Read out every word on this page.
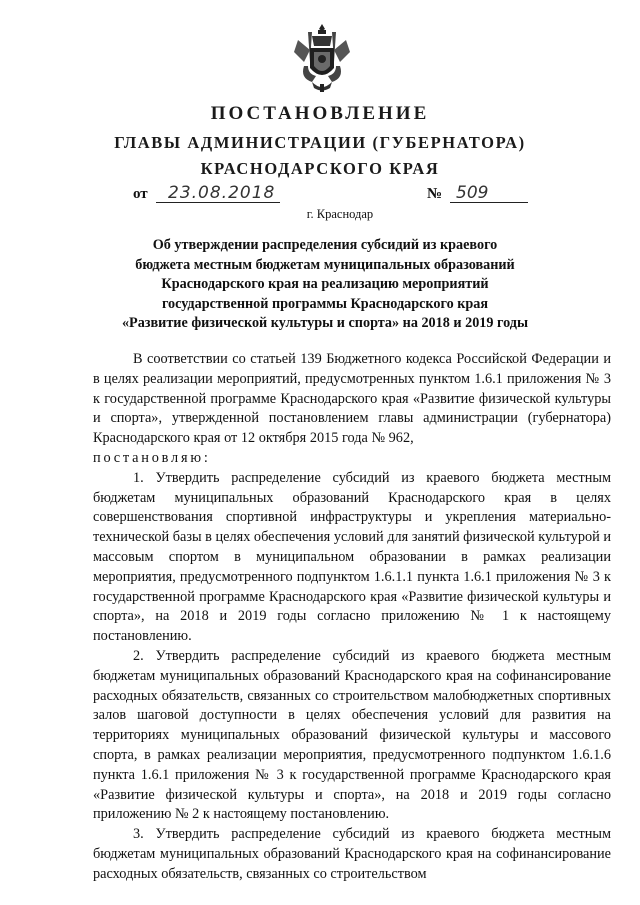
ПОСТАНОВЛЕНИЕ
ГЛАВЫ АДМИНИСТРАЦИИ (ГУБЕРНАТОРА)
КРАСНОДАРСКОГО КРАЯ
от	23.08.2018	№ 509
г. Краснодар
Об утверждении распределения субсидий из краевого
бюджета местным бюджетам муниципальных образований
Краснодарского края на реализацию мероприятий
государственной программы Краснодарского края
«Развитие физической культуры и спорта» на 2018 и 2019 годы

В соответствии со статьей 139 Бюджетного кодекса Российской Федерации и в целях реализации мероприятий, предусмотренных пунктом 1.6.1 приложения № 3 к государственной программе Краснодарского края «Развитие физической культуры и спорта», утвержденной постановлением главы администрации (губернатора) Краснодарского края от 12 октября 2015 года № 962,

постановляю:

1. Утвердить распределение субсидий из краевого бюджета местным бюджетам муниципальных образований Краснодарского края в целях совершенствования спортивной инфраструктуры и укрепления материально-технической базы в целях обеспечения условий для занятий физической культурой и массовым спортом в муниципальном образовании в рамках реализации мероприятия, предусмотренного подпунктом 1.6.1.1 пункта 1.6.1 приложения № 3 к государственной программе Краснодарского края «Развитие физической культуры и спорта», на 2018 и 2019 годы согласно приложению № 1 к настоящему постановлению.

2. Утвердить распределение субсидий из краевого бюджета местным бюджетам муниципальных образований Краснодарского края на софинансирование расходных обязательств, связанных со строительством малобюджетных спортивных залов шаговой доступности в целях обеспечения условий для развития на территориях муниципальных образований физической культуры и массового спорта, в рамках реализации мероприятия, предусмотренного подпунктом 1.6.1.6 пункта 1.6.1 приложения № 3 к государственной программе Краснодарского края «Развитие физической культуры и спорта», на 2018 и 2019 годы согласно приложению № 2 к настоящему постановлению.

3. Утвердить распределение субсидий из краевого бюджета местным бюджетам муниципальных образований Краснодарского края на софинансирование расходных обязательств, связанных со строительством
